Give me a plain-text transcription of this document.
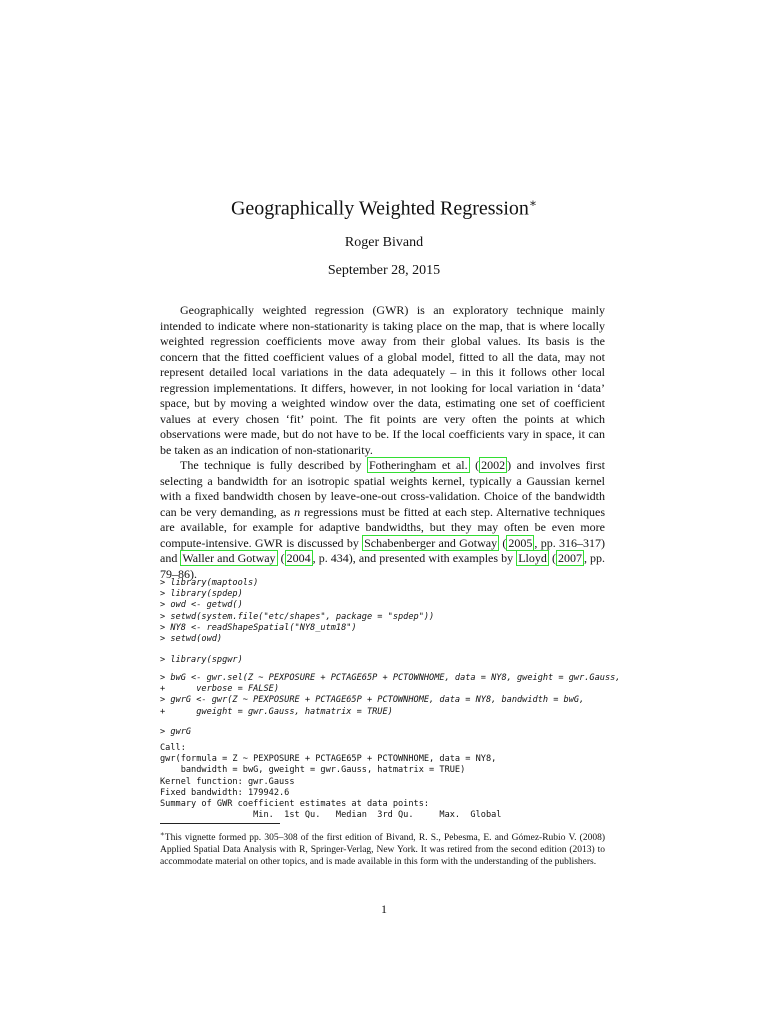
Geographically Weighted Regression∗
Roger Bivand
September 28, 2015

Geographically weighted regression (GWR) is an exploratory technique mainly intended to indicate where non-stationarity is taking place on the map, that is where locally weighted regression coefficients move away from their global values. Its basis is the concern that the fitted coefficient values of a global model, fitted to all the data, may not represent detailed local variations in the data adequately – in this it follows other local regression implementations. It differs, however, in not looking for local variation in ‘data’ space, but by moving a weighted window over the data, estimating one set of coefficient values at every chosen ‘fit’ point. The fit points are very often the points at which observations were made, but do not have to be. If the local coefficients vary in space, it can be taken as an indication of non-stationarity.

The technique is fully described by Fotheringham et al. ( 2002 ) and involves first selecting a bandwidth for an isotropic spatial weights kernel, typically a Gaussian kernel with a fixed bandwidth chosen by leave-one-out cross-validation. Choice of the bandwidth can be very demanding, as n regressions must be fitted at each step. Alternative techniques are available, for example for adaptive bandwidths, but they may often be even more compute-intensive. GWR is discussed by Schabenberger and Gotway ( 2005 , pp. 316–317) and Waller and Gotway ( 2004 , p. 434), and presented with examples by Lloyd ( 2007 , pp. 79–86).

> library(maptools)
> library(spdep)
> owd <- getwd()
> setwd(system.file("etc/shapes", package = "spdep"))
> NY8 <- readShapeSpatial("NY8_utm18")
> setwd(owd)
> library(spgwr)
> bwG <- gwr.sel(Z ~ PEXPOSURE + PCTAGE65P + PCTOWNHOME, data = NY8, gweight = gwr.Gauss,
+      verbose = FALSE)
> gwrG <- gwr(Z ~ PEXPOSURE + PCTAGE65P + PCTOWNHOME, data = NY8, bandwidth = bwG,
+      gweight = gwr.Gauss, hatmatrix = TRUE)
> gwrG
Call:
gwr(formula = Z ~ PEXPOSURE + PCTAGE65P + PCTOWNHOME, data = NY8,
bandwidth = bwG, gweight = gwr.Gauss, hatmatrix = TRUE)
Kernel function: gwr.Gauss
Fixed bandwidth: 179942.6
Summary of GWR coefficient estimates at data points:
Min.  1st Qu.   Median  3rd Qu.     Max.  Global
∗This vignette formed pp. 305–308 of the first edition of Bivand, R. S., Pebesma, E. and Gómez-Rubio V. (2008) Applied Spatial Data Analysis with R, Springer-Verlag, New York. It was retired from the second edition (2013) to accommodate material on other topics, and is made available in this form with the understanding of the publishers.
1
